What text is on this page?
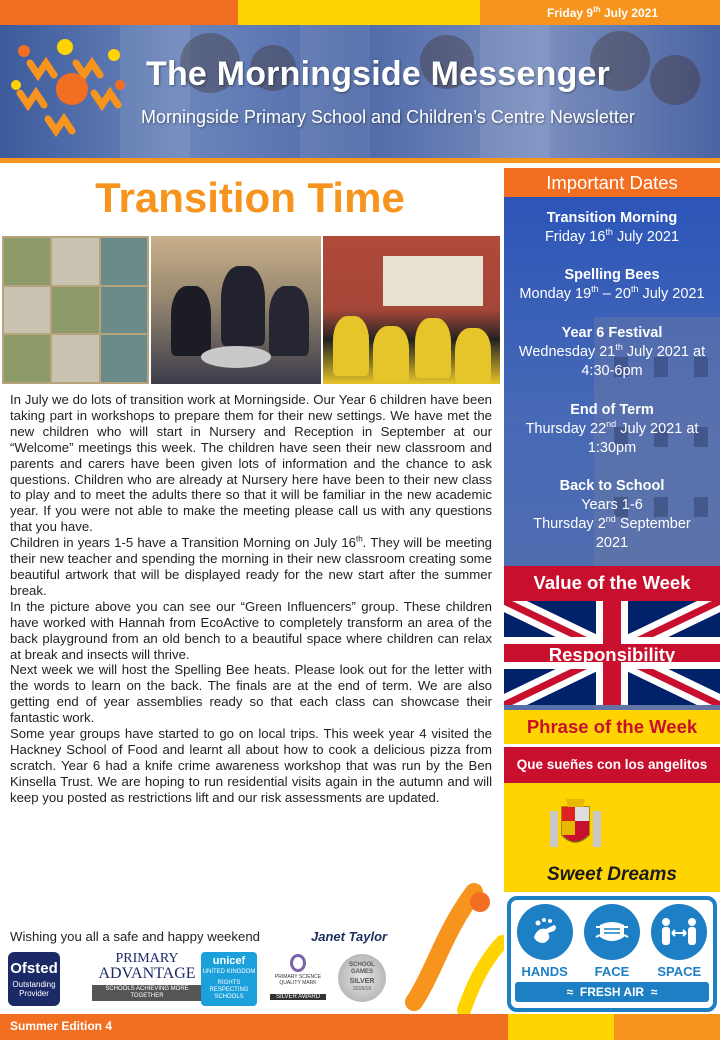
Friday 9th July 2021
The Morningside Messenger
Morningside Primary School and Children’s Centre Newsletter
Transition Time

In July we do lots of transition work at Morningside. Our Year 6 children have been taking part in workshops to prepare them for their new settings. We have met the new children who will start in Nursery and Reception in September at our “Welcome” meetings this week. The children have seen their new classroom and parents and carers have been given lots of information and the chance to ask questions. Children who are already at Nursery here have been to their new class to play and to meet the adults there so that it will be familiar in the new academic year. If you were not able to make the meeting please call us with any questions that you have.

Children in years 1-5 have a Transition Morning on July 16th. They will be meeting their new teacher and spending the morning in their new classroom creating some beautiful artwork that will be displayed ready for the new start after the summer break.

In the picture above you can see our “Green Influencers” group. These children have worked with Hannah from EcoActive to completely transform an area of the back playground from an old bench to a beautiful space where children can relax at break and insects will thrive.

Next week we will host the Spelling Bee heats. Please look out for the letter with the words to learn on the back. The finals are at the end of term. We are also getting end of year assemblies ready so that each class can showcase their fantastic work.

Some year groups have started to go on local trips. This week year 4 visited the Hackney School of Food and learnt all about how to cook a delicious pizza from scratch. Year 6 had a knife crime awareness workshop that was run by the Ben Kinsella Trust. We are hoping to run residential visits again in the autumn and will keep you posted as restrictions lift and our risk assessments are updated.

Wishing you all a safe and happy weekend	Janet Taylor
Ofsted
Outstanding Provider
PRIMARY
ADVANTAGE
SCHOOLS ACHIEVING MORE TOGETHER
unicef
UNITED KINGDOM
RIGHTS RESPECTING SCHOOLS
PRIMARY SCIENCE QUALITY MARK
SILVER AWARD
SCHOOL GAMES
SILVER
2018/19
Important Dates
Transition Morning
Friday 16th July 2021
Spelling Bees
Monday 19th – 20th July 2021
Year 6 Festival
Wednesday 21th July 2021 at
4:30-6pm
End of Term
Thursday 22nd July 2021 at
1:30pm
Back to School
Years 1-6
Thursday 2nd September
2021
Value of the Week
Responsibility
Phrase of the Week
Que sueñes con los angelitos
Sweet Dreams
HANDS	FACE	SPACE
≈  FRESH AIR  ≈
Summer Edition 4
